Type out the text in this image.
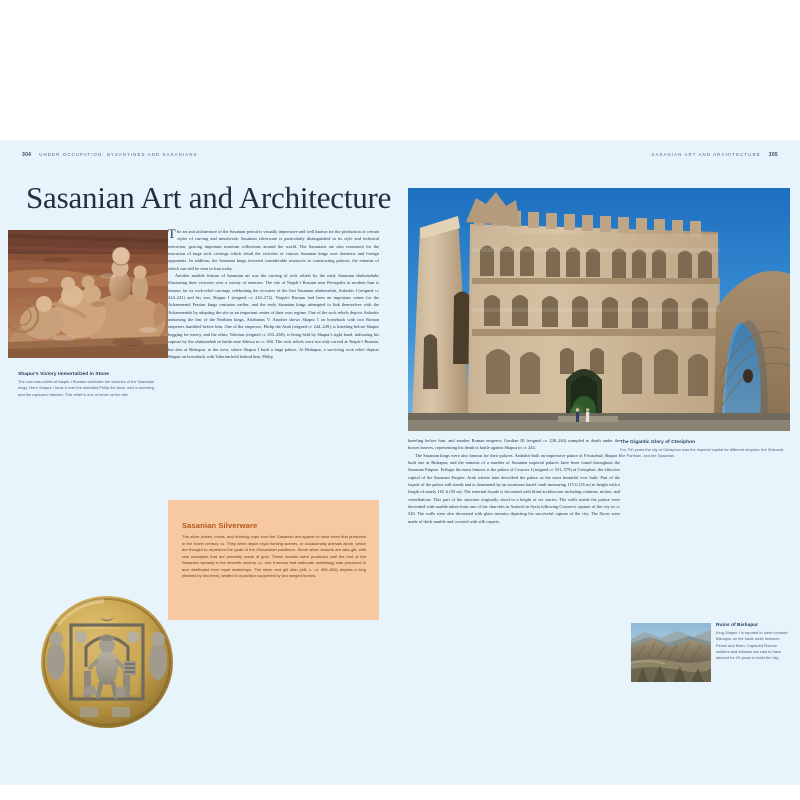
304 UNDER OCCUPATION: BYZANTINES AND SASANIANS	SASANIAN ART AND ARCHITECTURE 305
Sasanian Art and Architecture
Shapur's Victory Immortalized in Stone
The rock bas-reliefs at Naqsh-i Rustam celebrate the victories of the Sasanian kings. Here Shapur I lords it over the defeated Philip the Arab, who is kneeling, and the captured Valerian. This relief is one of seven at the site.

The art and architecture of the Sasanian period is visually impressive and well known for the production of certain styles of carving and metalwork. Sasanian silverware is particularly distinguished in its style and technical execution, gracing important museum collections around the world. The Sasanians are also renowned for the execution of large rock carvings which detail the victories of various Sasanian kings over domestic and foreign opponents. In addition, the Sasanian kings invested considerable resources in constructing palaces, the remains of which can still be seen in Iran today.

Another notable feature of Sasanian art was the carving of rock reliefs by the early Sasanian shahanshahs illustrating their victories over a variety of enemies. The site of Naqsh-i Rustam near Persepolis in modern Iran is famous for its rock-relief carvings celebrating the victories of the first Sasanian shahanshah, Ardashir I (reigned ce 224–241) and his son, Shapur I (reigned ce 242–272). Naqsh-i Rustam had been an important center for the Achaemenid Persian kings centuries earlier, and the early Sasanian kings attempted to link themselves with the Achaemenids by adopting the site as an important center of their own regime. One of the rock reliefs depicts Ardashir unhorsing the last of the Parthian kings, Artabanus V. Another shows Shapur I on horseback with two Roman emperors humbled before him. One of the emperors, Philip the Arab (reigned ce 244–249), is kneeling before Shapur begging for mercy, and the other, Valerian (reigned ce 253–260), is being held by Shapur's right hand, indicating his capture by the shahanshah in battle near Edessa in ce 260. The rock reliefs were not only carved at Naqsh-i Rustam, but also at Bishapur, to the west, where Shapur I built a large palace. At Bishapur, a surviving rock relief depicts Shapur on horseback with Valerian held behind him, Philip

Sasanian Silverware
The silver plates, bowls, and drinking cups from the Sasanian era appear to have been first produced in the fourth century ce. They often depict royal hunting scenes, or occasionally animals alone, which are thought to represent the gods of the Zoroastrian pantheon. Some silver vessels are also gilt, with rare examples that are primarily made of gold. These vessels were produced until the end of the Sasanian dynasty in the seventh century ce, and it seems that elaborate metallurgy was produced in and distributed from royal workshops. The silver and gilt dish (left, c. ce 300–600) depicts a king (flanked by two ibex), seated in a pavilion supported by two winged horses.
The Gigantic Glory of Ctesiphon
For 700 years the city of Ctesiphon was the imperial capital for different empires: the Seleucid, the Parthian, and the Sasanian.

kneeling before him, and another Roman emperor, Gordian III (reigned ce 238–244) trampled to death under the horses hooves, representing his death in battle against Shapur in ce 244.

The Sasanian kings were also famous for their palaces. Ardashir built an impressive palace at Firuzabad, Shapur I built one at Bishapur, and the remains of a number of Sasanian imperial palaces have been found throughout the Sasanian Empire. Perhaps the most famous is the palace of Crusoes I (reigned ce 531–579) at Ctesiphon, the effective capital of the Sasanian Empire. Arab writers later described the palace as the most beautiful ever built. Part of the façade of the palace still stands and is dominated by an enormous barrel vault measuring 115 ft (35 m) in height with a length of nearly 165 ft (50 m). The external façade is decorated with blind architecture including columns, niches, and crenellations. This part of the structure originally stood to a height of six stories. The walls inside the palace were decorated with marble taken from one of the churches in Antioch in Syria following Crusoes's capture of the city in ce 540. The walls were also decorated with glass mosaics depicting his successful capture of the city. The floors were made of thick marble and covered with silk carpets.

Ruins of Bishapur
King Shapur I is reputed to have founded Bishapur on the trade route between Persis and Elam. Captured Roman soldiers and artisans are said to have labored for 20 years to build the city.
